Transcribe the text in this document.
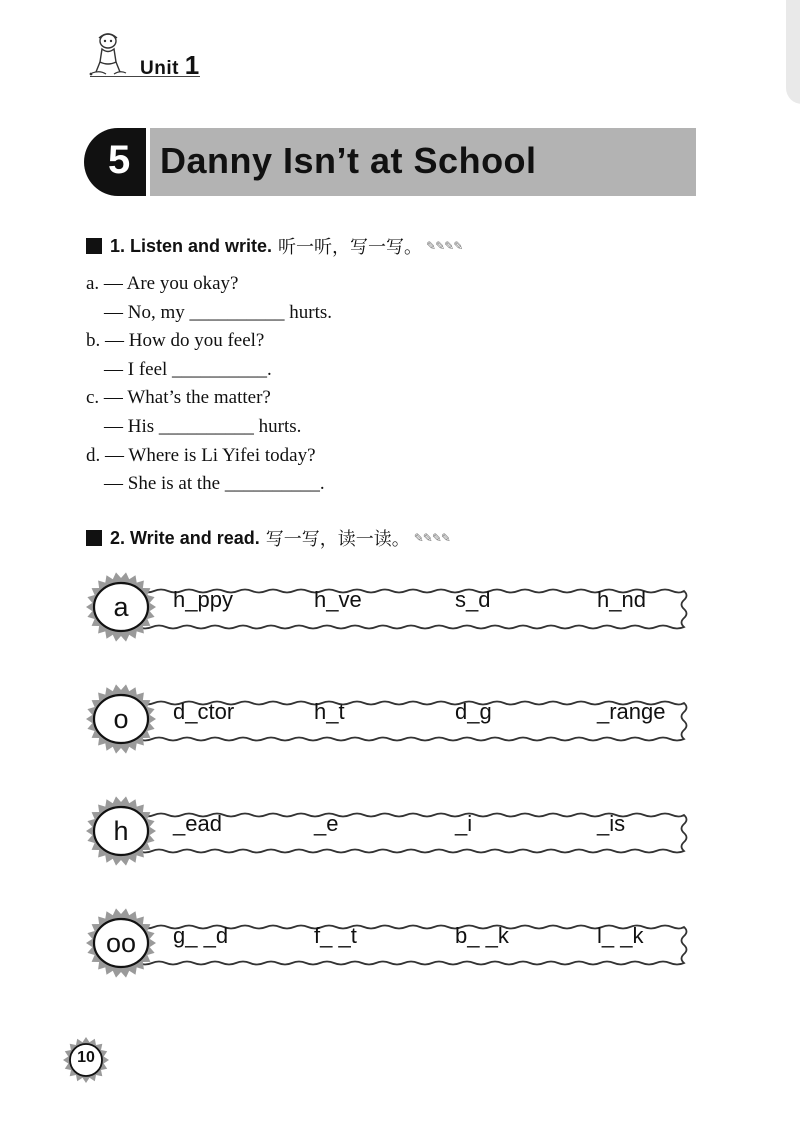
Unit 1
5 Danny Isn’t at School
1. Listen and write. 听一听，写一写。 ✎✎✎✎
a. — Are you okay?
— No, my __________ hurts.
b. — How do you feel?
— I feel __________.
c. — What’s the matter?
— His __________ hurts.
d. — Where is Li Yifei today?
— She is at the __________.
2. Write and read. 写一写，读一读。 ✎✎✎✎
a	h_ppy	h_ve	s_d	h_nd
o	d_ctor	h_t	d_g	_range
h	_ead	_e	_i	_is
oo	g_ _d	f_ _t	b_ _k	l_ _k
10
